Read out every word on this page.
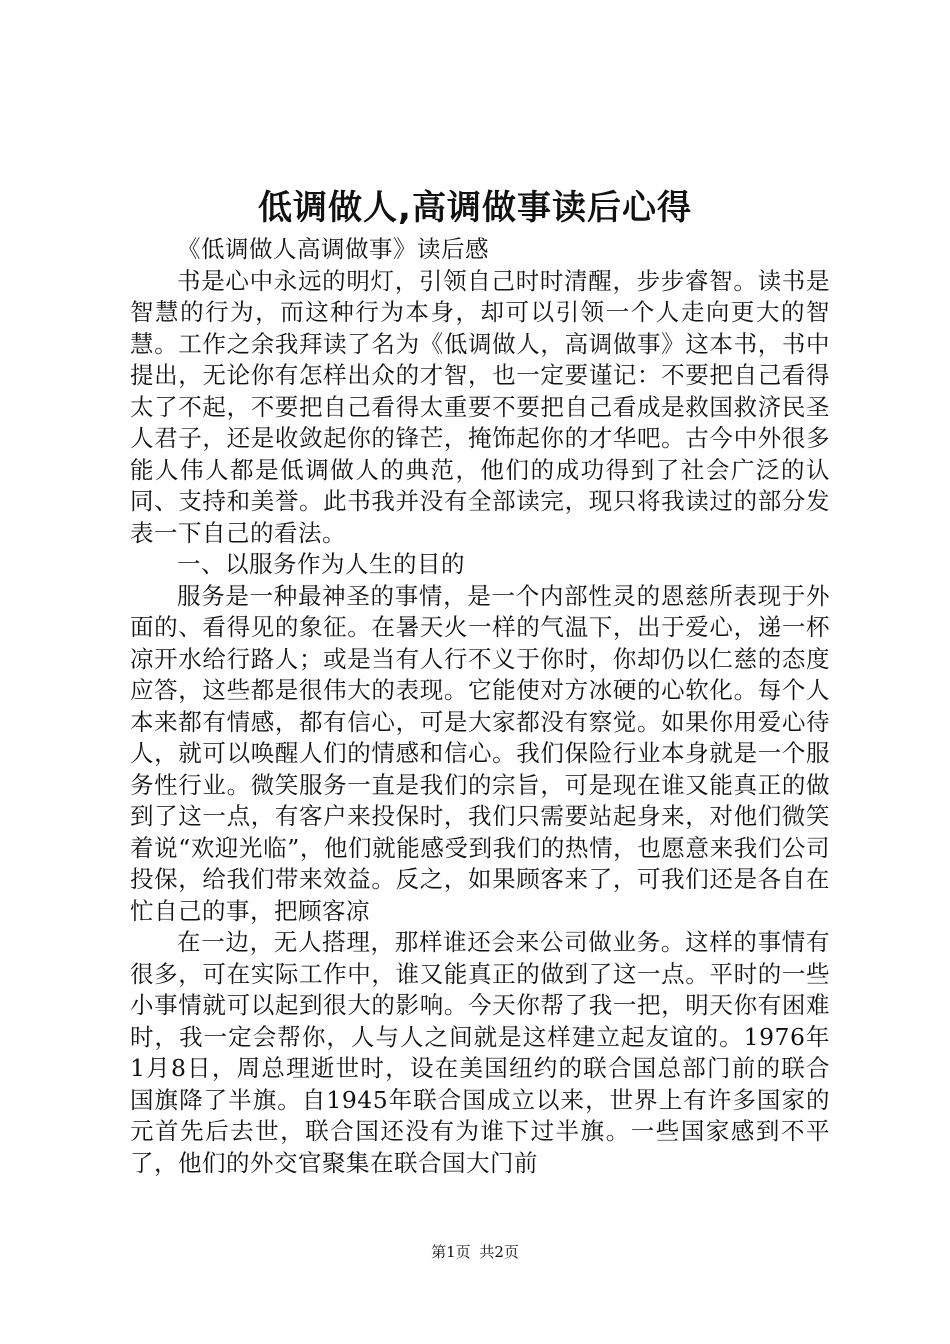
低调做人,高调做事读后心得

《低调做人高调做事》读后感

书是心中永远的明灯，引领自己时时清醒，步步睿智。读书是智慧的行为，而这种行为本身，却可以引领一个人走向更大的智慧。工作之余我拜读了名为《低调做人，高调做事》这本书，书中提出，无论你有怎样出众的才智，也一定要谨记：不要把自己看得太了不起，不要把自己看得太重要不要把自己看成是救国救济民圣人君子，还是收敛起你的锋芒，掩饰起你的才华吧。古今中外很多能人伟人都是低调做人的典范，他们的成功得到了社会广泛的认同、支持和美誉。此书我并没有全部读完，现只将我读过的部分发表一下自己的看法。

一、以服务作为人生的目的

服务是一种最神圣的事情，是一个内部性灵的恩慈所表现于外面的、看得见的象征。在暑天火一样的气温下，出于爱心，递一杯凉开水给行路人；或是当有人行不义于你时，你却仍以仁慈的态度应答，这些都是很伟大的表现。它能使对方冰硬的心软化。每个人本来都有情感，都有信心，可是大家都没有察觉。如果你用爱心待人，就可以唤醒人们的情感和信心。我们保险行业本身就是一个服务性行业。微笑服务一直是我们的宗旨，可是现在谁又能真正的做到了这一点，有客户来投保时，我们只需要站起身来，对他们微笑着说“欢迎光临”，他们就能感受到我们的热情，也愿意来我们公司投保，给我们带来效益。反之，如果顾客来了，可我们还是各自在忙自己的事，把顾客凉

在一边，无人搭理，那样谁还会来公司做业务。这样的事情有很多，可在实际工作中，谁又能真正的做到了这一点。平时的一些小事情就可以起到很大的影响。今天你帮了我一把，明天你有困难时，我一定会帮你，人与人之间就是这样建立起友谊的。1976年1月8日，周总理逝世时，设在美国纽约的联合国总部门前的联合国旗降了半旗。自1945年联合国成立以来，世界上有许多国家的元首先后去世，联合国还没有为谁下过半旗。一些国家感到不平了，他们的外交官聚集在联合国大门前

第1页 共2页
